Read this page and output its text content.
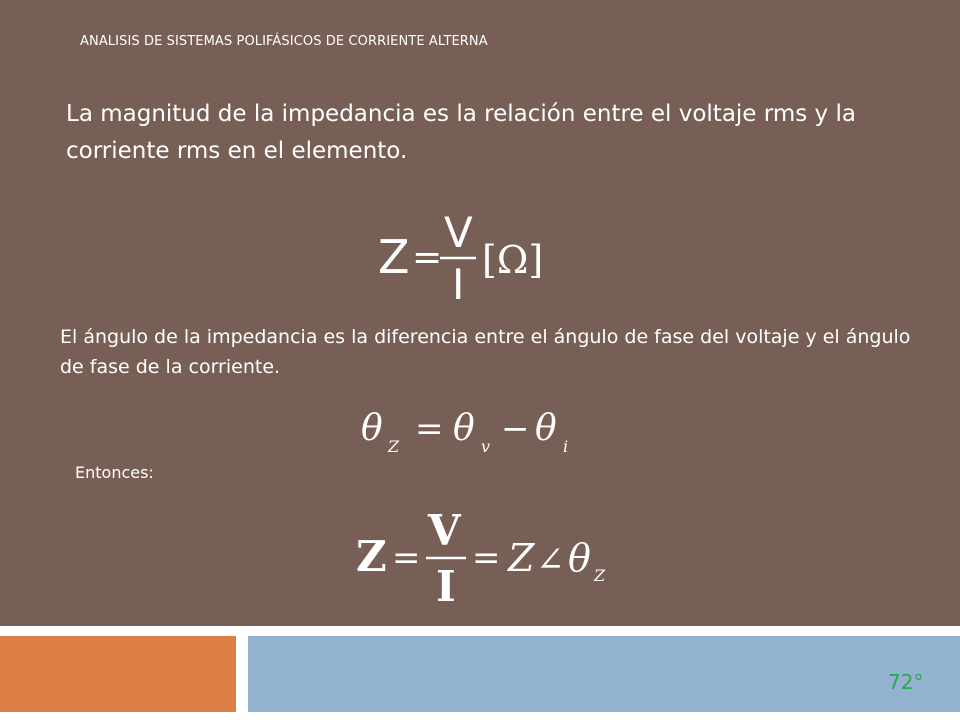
ANALISIS DE SISTEMAS POLIFÁSICOS DE CORRIENTE ALTERNA
La magnitud de la impedancia es la relación entre el voltaje rms y la corriente rms en el elemento.
Z =
V
I [Ω]
El ángulo de la impedancia es la diferencia entre el ángulo de fase del voltaje y el ángulo de fase de la corriente.
θ Z = θ v − θ i
Entonces:
Z =
V
I
= Z ∠ θ Z
72°
